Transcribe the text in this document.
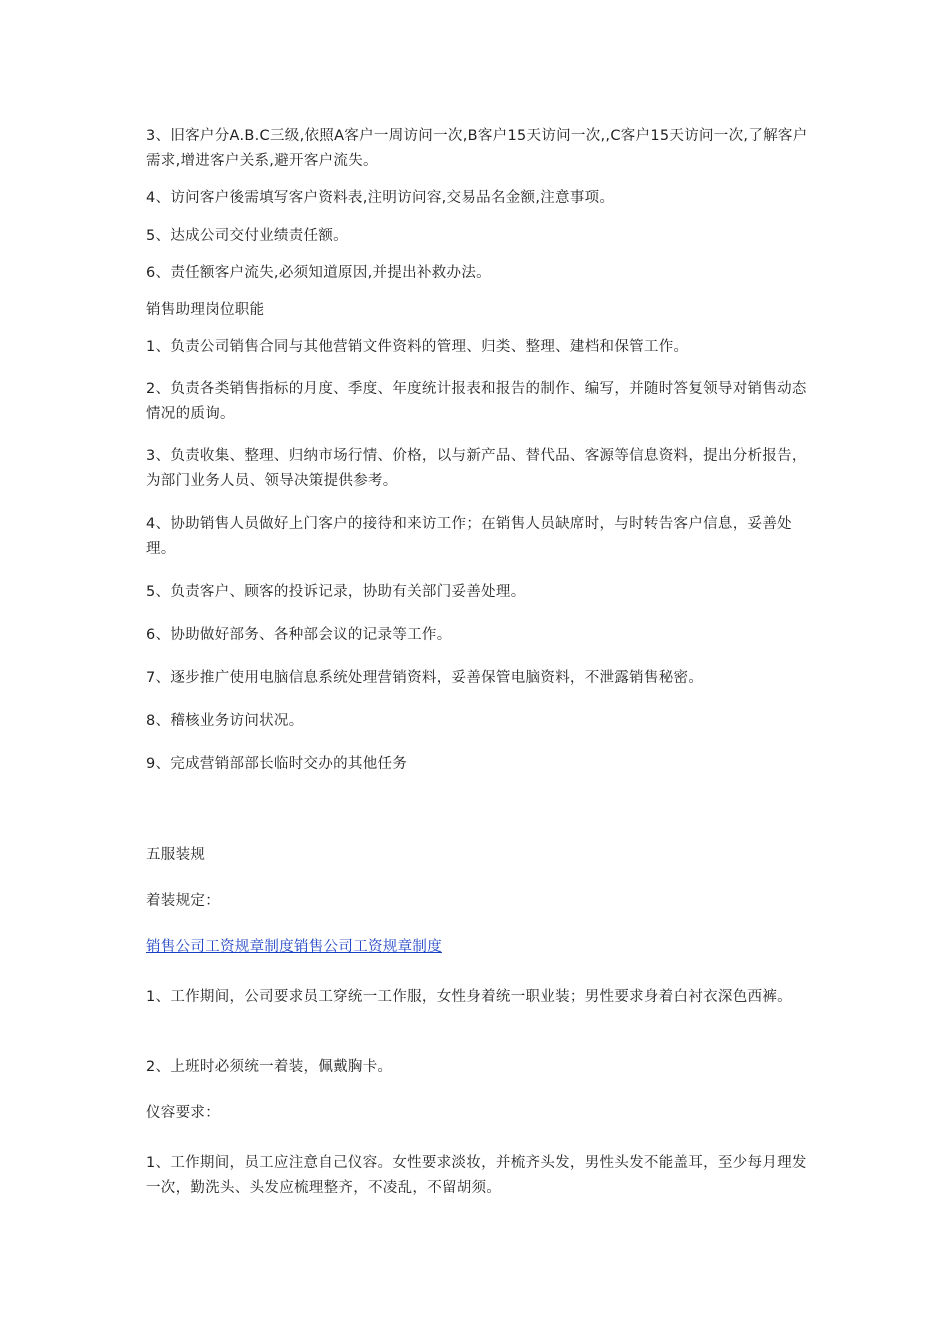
3、旧客户分A.B.C三级,依照A客户一周访问一次,B客户15天访问一次,,C客户15天访问一次,了解客户需求,增进客户关系,避开客户流失。
4、访问客户後需填写客户资料表,注明访问容,交易品名金额,注意事项。
5、达成公司交付业绩责任额。
6、责任额客户流失,必须知道原因,并提出补救办法。
销售助理岗位职能
1、负责公司销售合同与其他营销文件资料的管理、归类、整理、建档和保管工作。
2、负责各类销售指标的月度、季度、年度统计报表和报告的制作、编写，并随时答复领导对销售动态情况的质询。
3、负责收集、整理、归纳市场行情、价格，以与新产品、替代品、客源等信息资料，提出分析报告，为部门业务人员、领导决策提供参考。
4、协助销售人员做好上门客户的接待和来访工作；在销售人员缺席时，与时转告客户信息，妥善处理。
5、负责客户、顾客的投诉记录，协助有关部门妥善处理。
6、协助做好部务、各种部会议的记录等工作。
7、逐步推广使用电脑信息系统处理营销资料，妥善保管电脑资料，不泄露销售秘密。
8、稽核业务访问状况。
9、完成营销部部长临时交办的其他任务
五服装规
着装规定：
销售公司工资规章制度销售公司工资规章制度
1、工作期间，公司要求员工穿统一工作服，女性身着统一职业装；男性要求身着白衬衣深色西裤。
2、上班时必须统一着装，佩戴胸卡。
仪容要求：
1、工作期间，员工应注意自己仪容。女性要求淡妆，并梳齐头发，男性头发不能盖耳，至少每月理发一次，勤洗头、头发应梳理整齐，不凌乱，不留胡须。
